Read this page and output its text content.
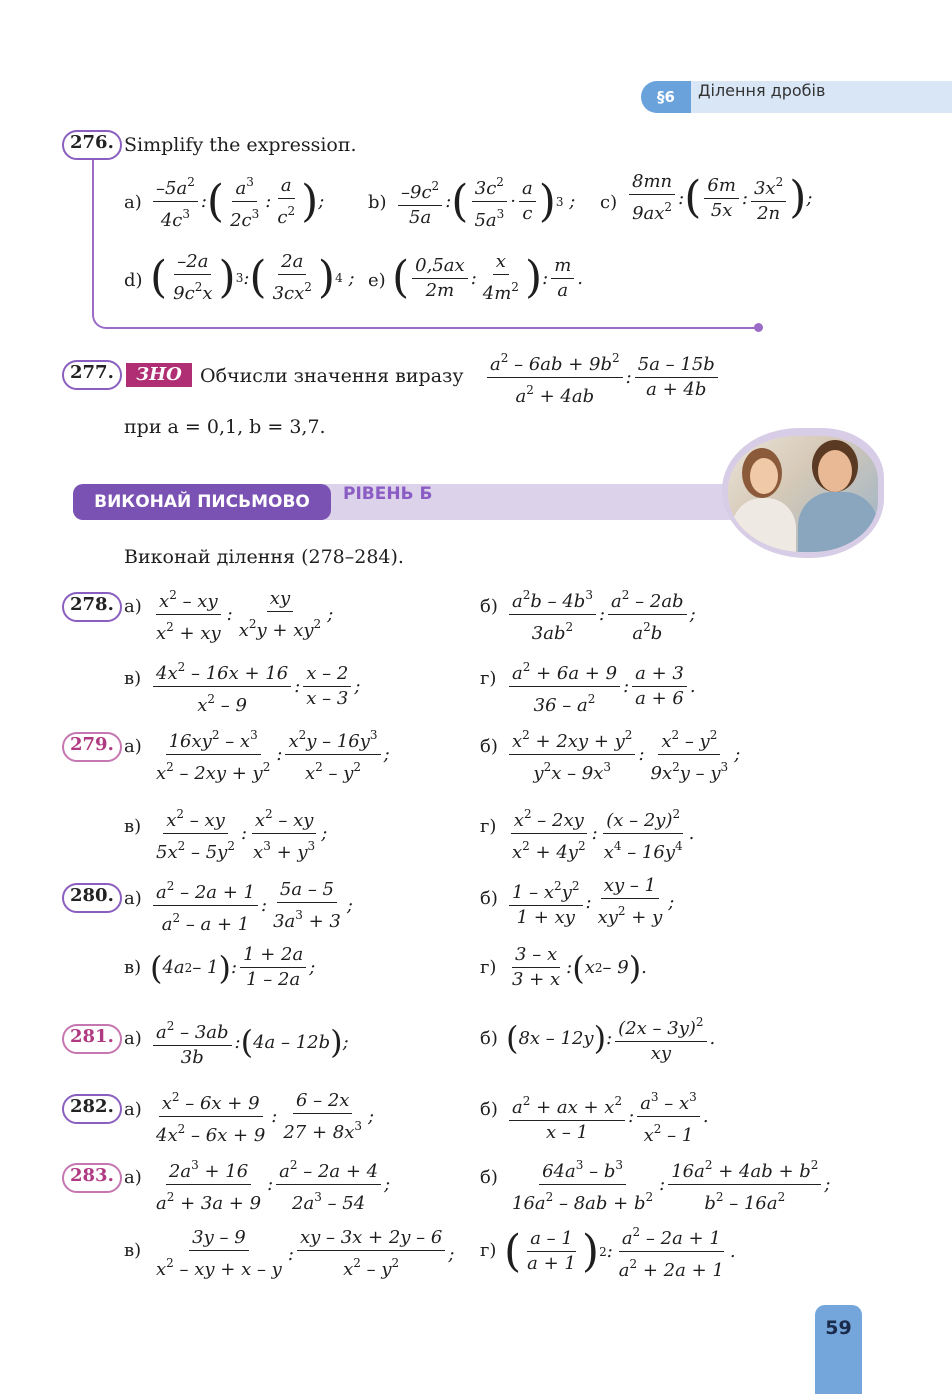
§6	Ділення дробів
276. Simplify the expressioп.
a)
$-5a^2$
$4c^3$
: ( $a^3$
$2c^3$
:
a
$c^2$ ) ; b) $-9c^2$
5a
: ( $3c^2$
$5a^3$
·
a
c ) 3 ; c)
8mn
$9ax^2$ : ( 6m
5x
: $3x^2$
2n ) ;
d) ( –2a
$9c^2x$ ) 3 : ( 2a
$3cx^2$ ) 4 ; e) ( 0,5ax
2m
:
x
$4m^2$ ) :
m
a
.
277.	ЗНО Обчисли значення виразу
$a^2 - 6ab + 9b^2$
$a^2 + 4ab$
:
5a – 15b
a + 4b
при a = 0,1, b = 3,7.
ВИКОНАЙ ПИСЬМОВО	РІВЕНЬ Б
Виконай ділення (278–284).
278. а) $x^2$ – xy
$x^2$ + xy
:
xy
$x^2y + xy^2$ ;	б) $a^2b - 4b^3$
$3ab^2$
:
$a^2 - 2ab$
$a^2b$
;
в) $4x^2 - 16x + 16$
$x^2 - 9$
:
x – 2
x – 3
;	г) $a^2 + 6a + 9$
$36 - a^2$
:
a + 3
a + 6
.
279. а) $16xy^2 - x^3$
$x^2 - 2xy + y^2$
:
$x^2y - 16y^3$
$x^2 - y^2$
;	б) $x^2 + 2xy + y^2$
$y^2x - 9x^3$
:
$x^2 - y^2$
$9x^2y - y^3$
;
в) $x^2$ – xy
$5x^2 - 5y^2$
:
$x^2$ – xy
$x^3 + y^3$
;	г) $x^2 - 2xy$
$x^2 + 4y^2$
:
(x – 2y)$^2$
$x^4 - 16y^4$
.
280. а) $a^2 - 2a + 1$
$a^2 - a + 1$
:
5a – 5
$3a^3 + 3$
;	б) $1 - x^2y^2$
1 + xy
:
xy – 1
$xy^2 + y$
;
в) ( 4a 2 – 1 ) :
1 + 2a
1 – 2a
;	г)
3 – x
3 + x
: ( x 2 – 9 ) .
281. а) $a^2 - 3ab$
3b
: ( 4a – 12b ) ;	б) ( 8x – 12y ) : (2x – 3y)$^2$
xy
.
282. а) $x^2 - 6x + 9$
$4x^2 - 6x + 9$
:
6 – 2x
$27 + 8x^3$ ;	б) $a^2$ + ax + $x^2$
x – 1
:
$a^3 - x^3$
$x^2 - 1$
.
283. а) $2a^3 + 16$
$a^2 + 3a + 9$
:
$a^2 - 2a + 4$
$2a^3 - 54$
;	б) $64a^3 - b^3$
$16a^2 - 8ab + b^2$
:
$16a^2 + 4ab + b^2$
$b^2 - 16a^2$
;
в)
3y – 9
$x^2$ – xy + x – y
:
xy – 3x + 2y – 6
$x^2 - y^2$	; г) ( a – 1
a + 1 ) 2 :
$a^2 - 2a + 1$
$a^2 + 2a + 1$
.
59
